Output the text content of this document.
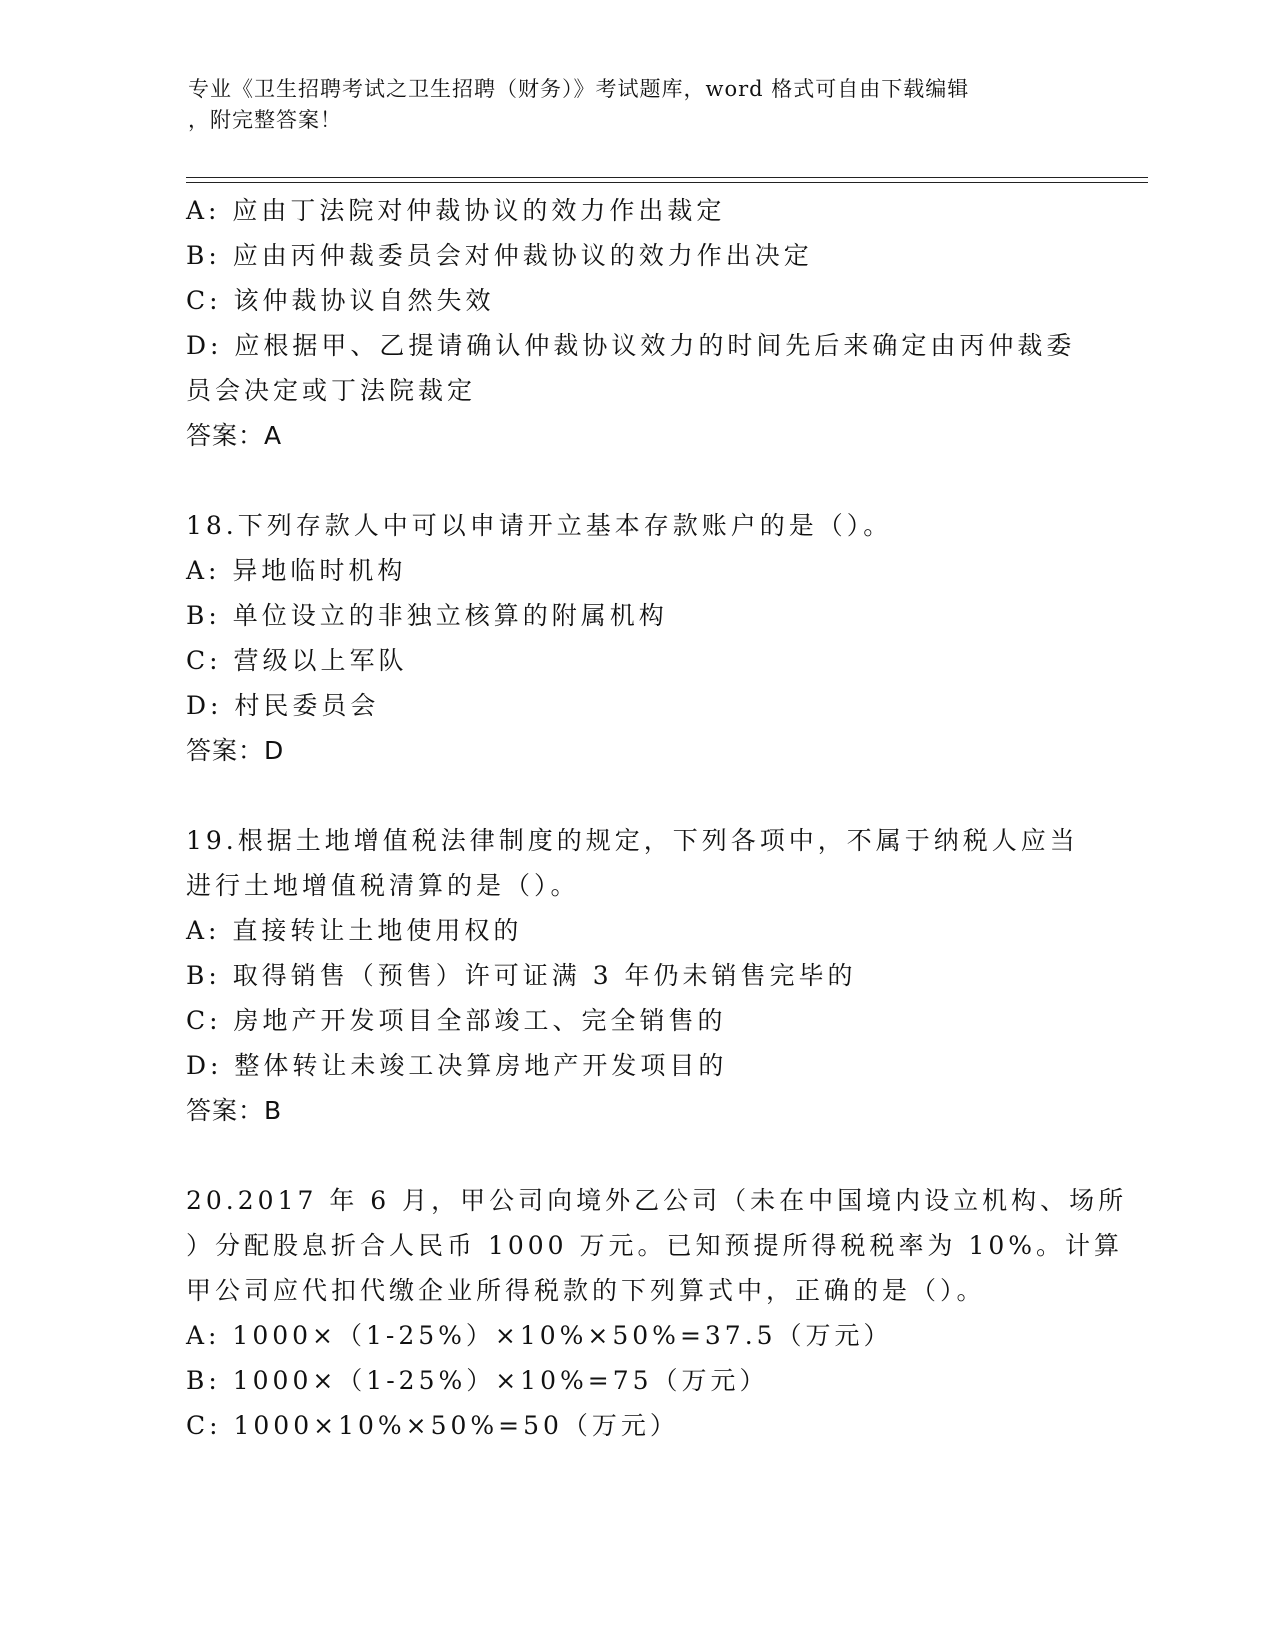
专业《卫生招聘考试之卫生招聘（财务）》考试题库，word 格式可自由下载编辑
，附完整答案！
A: 应由丁法院对仲裁协议的效力作出裁定
B: 应由丙仲裁委员会对仲裁协议的效力作出决定
C: 该仲裁协议自然失效
D: 应根据甲、乙提请确认仲裁协议效力的时间先后来确定由丙仲裁委
员会决定或丁法院裁定
答案：A
18.下列存款人中可以申请开立基本存款账户的是（）。
A: 异地临时机构
B: 单位设立的非独立核算的附属机构
C: 营级以上军队
D: 村民委员会
答案：D
19.根据土地增值税法律制度的规定，下列各项中，不属于纳税人应当
进行土地增值税清算的是（）。
A: 直接转让土地使用权的
B: 取得销售（预售）许可证满 3 年仍未销售完毕的
C: 房地产开发项目全部竣工、完全销售的
D: 整体转让未竣工决算房地产开发项目的
答案：B
20.2017 年 6 月，甲公司向境外乙公司（未在中国境内设立机构、场所
）分配股息折合人民币 1000 万元。已知预提所得税税率为 10%。计算
甲公司应代扣代缴企业所得税款的下列算式中，正确的是（）。
A: 1000×（1-25%）×10%×50%=37.5（万元）
B: 1000×（1-25%）×10%=75（万元）
C: 1000×10%×50%=50（万元）
